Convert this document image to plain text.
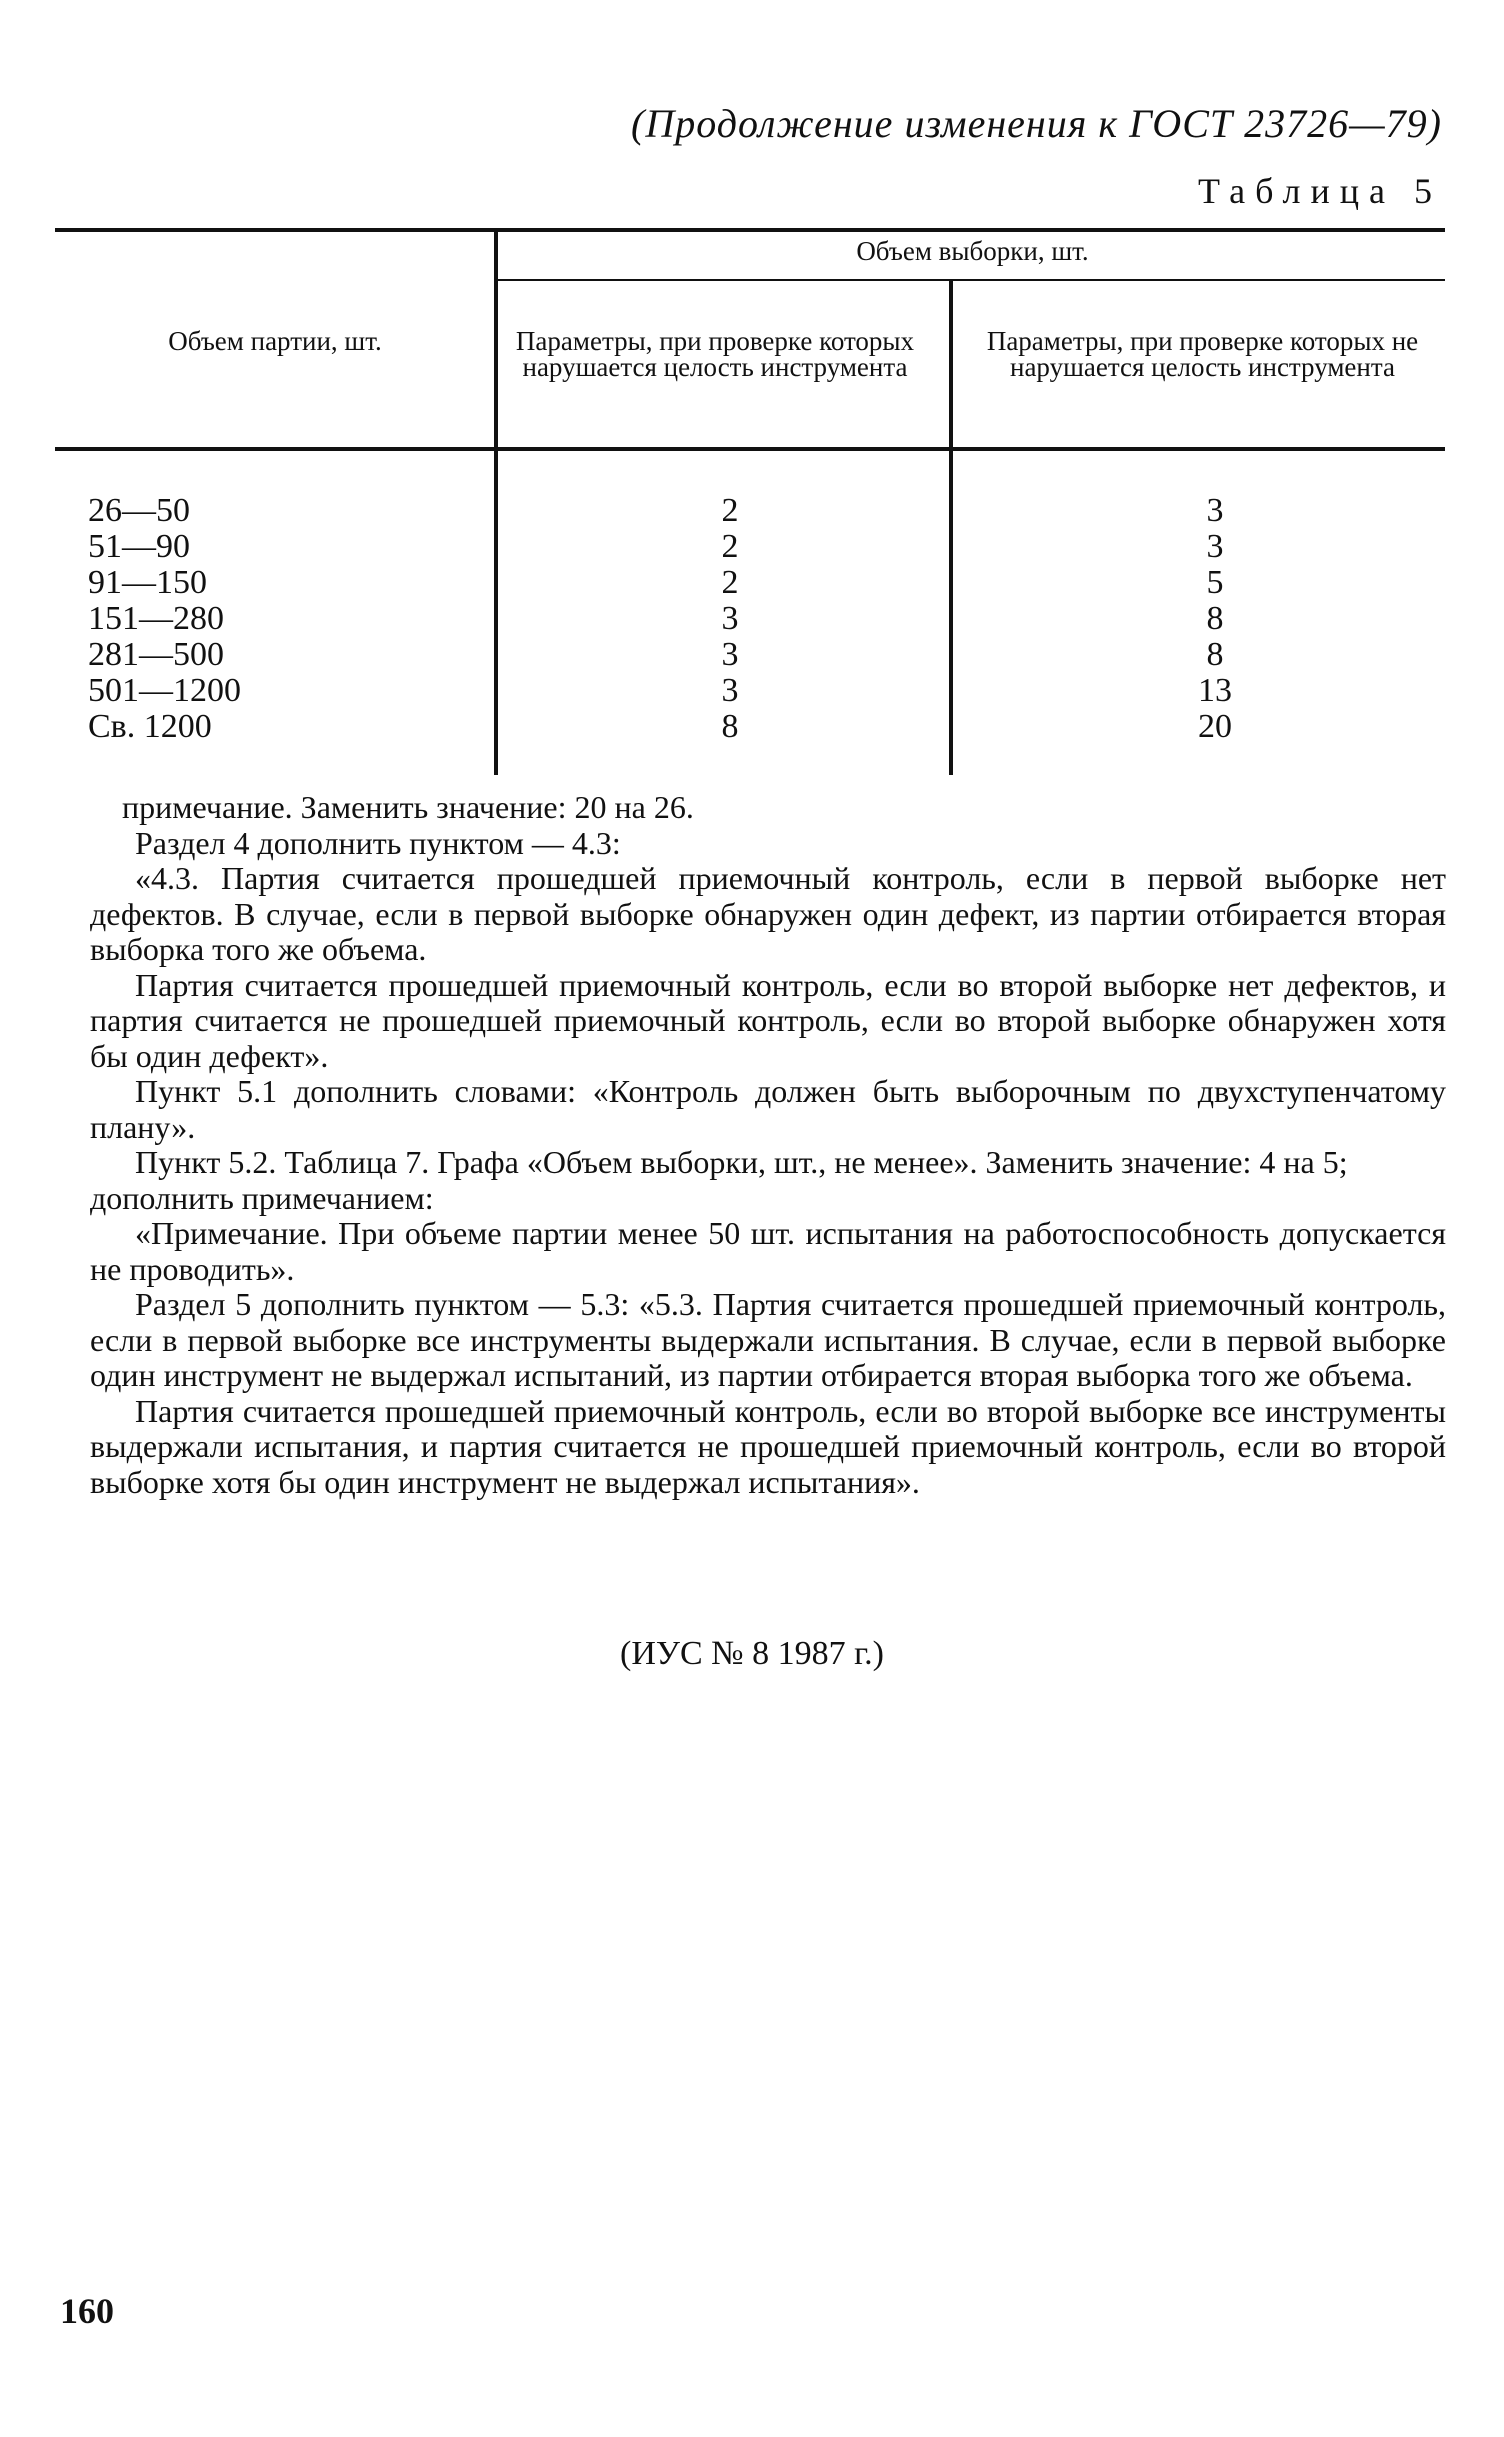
(Продолжение изменения к ГОСТ 23726—79)
Таблица 5
Объем партии, шт.
Объем выборки, шт.
Параметры, при проверке которых нарушается целость инструмента
Параметры, при проверке которых не нарушается целость инструмента
26—50
51—90
91—150
151—280
281—500
501—1200
Св. 1200
2
2
2
3
3
3
8
3
3
5
8
8
13
20

примечание. Заменить значение: 20 на 26.

Раздел 4 дополнить пунктом — 4.3:

«4.3. Партия считается прошедшей приемочный контроль, если в первой выборке нет дефектов. В случае, если в первой выборке обнаружен один дефект, из партии отбирается вторая выборка того же объема.

Партия считается прошедшей приемочный контроль, если во второй выборке нет дефектов, и партия считается не прошедшей приемочный контроль, если во второй выборке обнаружен хотя бы один дефект».

Пункт 5.1 дополнить словами: «Контроль должен быть выборочным по двухступенчатому плану».

Пункт 5.2. Таблица 7. Графа «Объем выборки, шт., не менее». Заменить значение: 4 на 5;

дополнить примечанием:

«Примечание. При объеме партии менее 50 шт. испытания на работоспособность допускается не проводить».

Раздел 5 дополнить пунктом — 5.3: «5.3. Партия считается прошедшей приемочный контроль, если в первой выборке все инструменты выдержали испытания. В случае, если в первой выборке один инструмент не выдержал испытаний, из партии отбирается вторая выборка того же объема.

Партия считается прошедшей приемочный контроль, если во второй выборке все инструменты выдержали испытания, и партия считается не прошедшей приемочный контроль, если во второй выборке хотя бы один инструмент не выдержал испытания».

(ИУС № 8 1987 г.)
160
